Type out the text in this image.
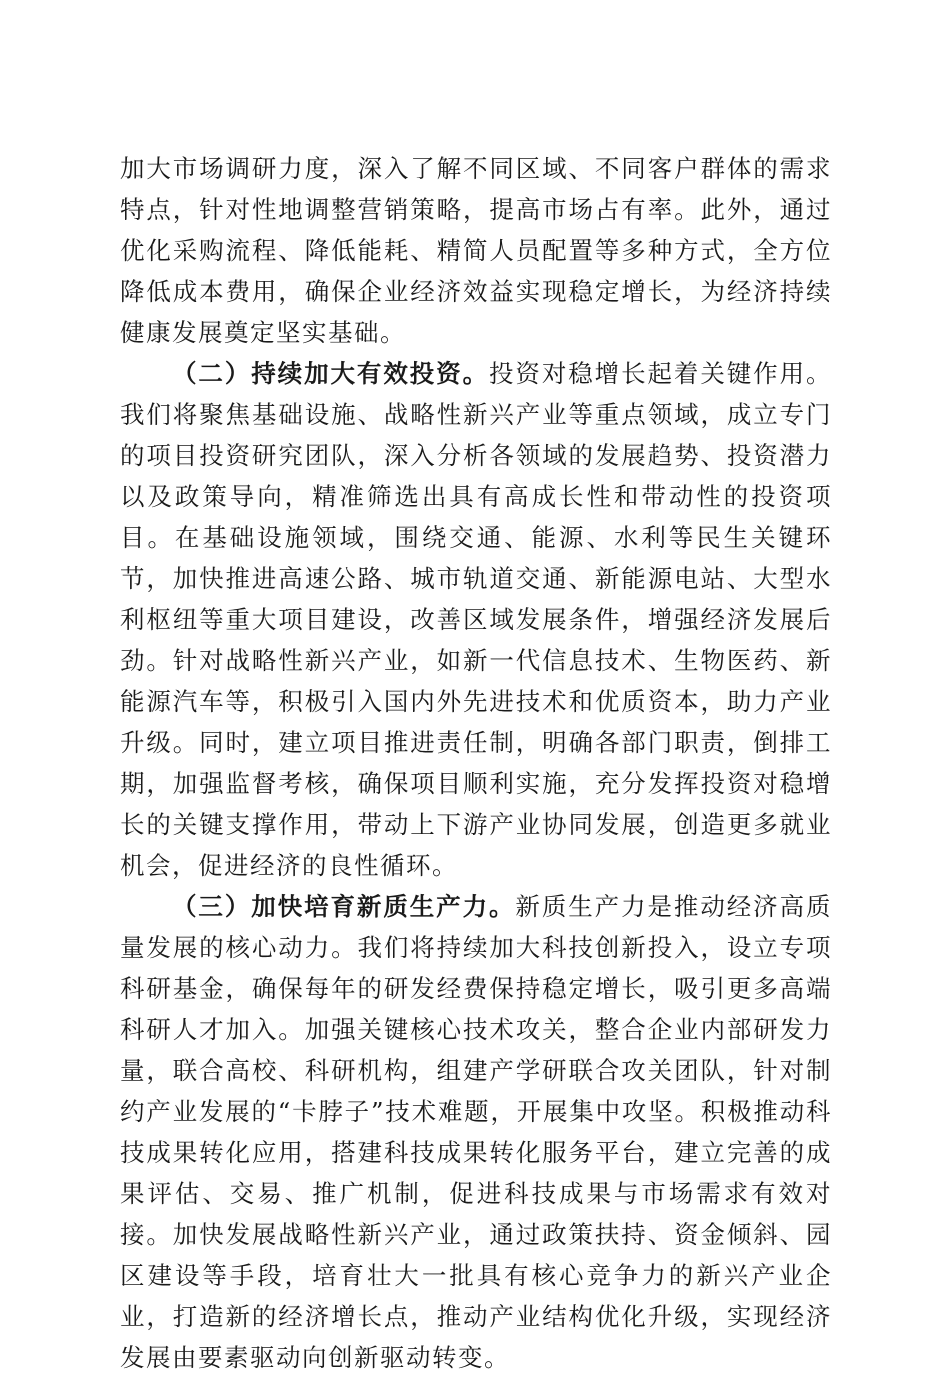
加大市场调研力度，深入了解不同区域、不同客户群体的需求特点，针对性地调整营销策略，提高市场占有率。此外，通过优化采购流程、降低能耗、精简人员配置等多种方式，全方位降低成本费用，确保企业经济效益实现稳定增长，为经济持续健康发展奠定坚实基础。

（二）持续加大有效投资。投资对稳增长起着关键作用。我们将聚焦基础设施、战略性新兴产业等重点领域，成立专门的项目投资研究团队，深入分析各领域的发展趋势、投资潜力以及政策导向，精准筛选出具有高成长性和带动性的投资项目。在基础设施领域，围绕交通、能源、水利等民生关键环节，加快推进高速公路、城市轨道交通、新能源电站、大型水利枢纽等重大项目建设，改善区域发展条件，增强经济发展后劲。针对战略性新兴产业，如新一代信息技术、生物医药、新能源汽车等，积极引入国内外先进技术和优质资本，助力产业升级。同时，建立项目推进责任制，明确各部门职责，倒排工期，加强监督考核，确保项目顺利实施，充分发挥投资对稳增长的关键支撑作用，带动上下游产业协同发展，创造更多就业机会，促进经济的良性循环。

（三）加快培育新质生产力。新质生产力是推动经济高质量发展的核心动力。我们将持续加大科技创新投入，设立专项科研基金，确保每年的研发经费保持稳定增长，吸引更多高端科研人才加入。加强关键核心技术攻关，整合企业内部研发力量，联合高校、科研机构，组建产学研联合攻关团队，针对制约产业发展的“卡脖子”技术难题，开展集中攻坚。积极推动科技成果转化应用，搭建科技成果转化服务平台，建立完善的成果评估、交易、推广机制，促进科技成果与市场需求有效对接。加快发展战略性新兴产业，通过政策扶持、资金倾斜、园区建设等手段，培育壮大一批具有核心竞争力的新兴产业企业，打造新的经济增长点，推动产业结构优化升级，实现经济发展由要素驱动向创新驱动转变。
